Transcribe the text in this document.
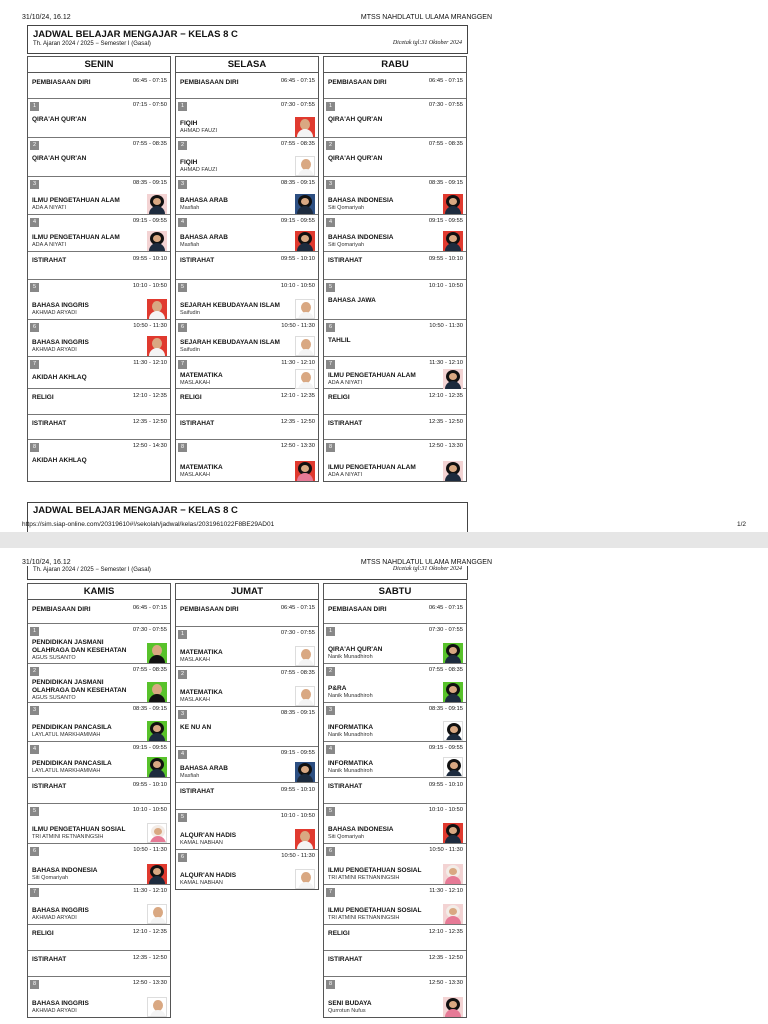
31/10/24, 16.12	MTSS NAHDLATUL ULAMA MRANGGEN
JADWAL BELAJAR MENGAJAR − KELAS 8 C
Th. Ajaran 2024 / 2025 − Semester I (Gasal)	Dicetak tgl:31 Oktober 2024
SENIN
06:45 - 07:15
PEMBIASAAN DIRI
1	07:15 - 07:50
QIRA'AH QUR'AN
2	07:55 - 08:35
QIRA'AH QUR'AN
3	08:35 - 09:15
ILMU PENGETAHUAN ALAM
ADA A NIYATI
4	09:15 - 09:55
ILMU PENGETAHUAN ALAM
ADA A NIYATI
09:55 - 10:10
ISTIRAHAT
5	10:10 - 10:50
BAHASA INGGRIS
AKHMAD ARYADI
6	10:50 - 11:30
BAHASA INGGRIS
AKHMAD ARYADI
7	11:30 - 12:10
AKIDAH AKHLAQ
12:10 - 12:35
RELIGI
12:35 - 12:50
ISTIRAHAT
8	12:50 - 14:30
AKIDAH AKHLAQ
SELASA
06:45 - 07:15
PEMBIASAAN DIRI
1	07:30 - 07:55
FIQIH
AHMAD FAUZI
2	07:55 - 08:35
FIQIH
AHMAD FAUZI
3	08:35 - 09:15
BAHASA ARAB
Masfiah
4	09:15 - 09:55
BAHASA ARAB
Masfiah
09:55 - 10:10
ISTIRAHAT
5	10:10 - 10:50
SEJARAH KEBUDAYAAN ISLAM
Saifudin
6	10:50 - 11:30
SEJARAH KEBUDAYAAN ISLAM
Saifudin
7	11:30 - 12:10
MATEMATIKA
MASLAKAH
12:10 - 12:35
RELIGI
12:35 - 12:50
ISTIRAHAT
8	12:50 - 13:30
MATEMATIKA
MASLAKAH
RABU
06:45 - 07:15
PEMBIASAAN DIRI
1	07:30 - 07:55
QIRA'AH QUR'AN
2	07:55 - 08:35
QIRA'AH QUR'AN
3	08:35 - 09:15
BAHASA INDONESIA
Siti Qomariyah
4	09:15 - 09:55
BAHASA INDONESIA
Siti Qomariyah
09:55 - 10:10
ISTIRAHAT
5	10:10 - 10:50
BAHASA JAWA
6	10:50 - 11:30
TAHLIL
7	11:30 - 12:10
ILMU PENGETAHUAN ALAM
ADA A NIYATI
12:10 - 12:35
RELIGI
12:35 - 12:50
ISTIRAHAT
8	12:50 - 13:30
ILMU PENGETAHUAN ALAM
ADA A NIYATI
JADWAL BELAJAR MENGAJAR − KELAS 8 C
https://sim.siap-online.com/20319610#!/sekolah/jadwal/kelas/2031961022F8BE29AD01	1/2
31/10/24, 16.12	MTSS NAHDLATUL ULAMA MRANGGEN
Th. Ajaran 2024 / 2025 − Semester I (Gasal)	Dicetak tgl:31 Oktober 2024
KAMIS
06:45 - 07:15
PEMBIASAAN DIRI
1	07:30 - 07:55
PENDIDIKAN JASMANI OLAHRAGA DAN KESEHATAN
AGUS SUSANTO
2	07:55 - 08:35
PENDIDIKAN JASMANI OLAHRAGA DAN KESEHATAN
AGUS SUSANTO
3	08:35 - 09:15
PENDIDIKAN PANCASILA
LAYLATUL MARKHAMMAH
4	09:15 - 09:55
PENDIDIKAN PANCASILA
LAYLATUL MARKHAMMAH
09:55 - 10:10
ISTIRAHAT
5	10:10 - 10:50
ILMU PENGETAHUAN SOSIAL
TRI ATMINI RETNANINGSIH
6	10:50 - 11:30
BAHASA INDONESIA
Siti Qomariyah
7	11:30 - 12:10
BAHASA INGGRIS
AKHMAD ARYADI
12:10 - 12:35
RELIGI
12:35 - 12:50
ISTIRAHAT
8	12:50 - 13:30
BAHASA INGGRIS
AKHMAD ARYADI
JUMAT
06:45 - 07:15
PEMBIASAAN DIRI
1	07:30 - 07:55
MATEMATIKA
MASLAKAH
2	07:55 - 08:35
MATEMATIKA
MASLAKAH
3	08:35 - 09:15
KE NU AN
4	09:15 - 09:55
BAHASA ARAB
Masfiah
09:55 - 10:10
ISTIRAHAT
5	10:10 - 10:50
ALQUR'AN HADIS
KAMAL NABHAN
6	10:50 - 11:30
ALQUR'AN HADIS
KAMAL NABHAN
SABTU
06:45 - 07:15
PEMBIASAAN DIRI
1	07:30 - 07:55
QIRA'AH QUR'AN
Nanik Munadhiroh
2	07:55 - 08:35
P&RA
Nanik Munadhiroh
3	08:35 - 09:15
INFORMATIKA
Nanik Munadhiroh
4	09:15 - 09:55
INFORMATIKA
Nanik Munadhiroh
09:55 - 10:10
ISTIRAHAT
5	10:10 - 10:50
BAHASA INDONESIA
Siti Qomariyah
6	10:50 - 11:30
ILMU PENGETAHUAN SOSIAL
TRI ATMINI RETNANINGSIH
7	11:30 - 12:10
ILMU PENGETAHUAN SOSIAL
TRI ATMINI RETNANINGSIH
12:10 - 12:35
RELIGI
12:35 - 12:50
ISTIRAHAT
8	12:50 - 13:30
SENI BUDAYA
Qurrotun Nufus
